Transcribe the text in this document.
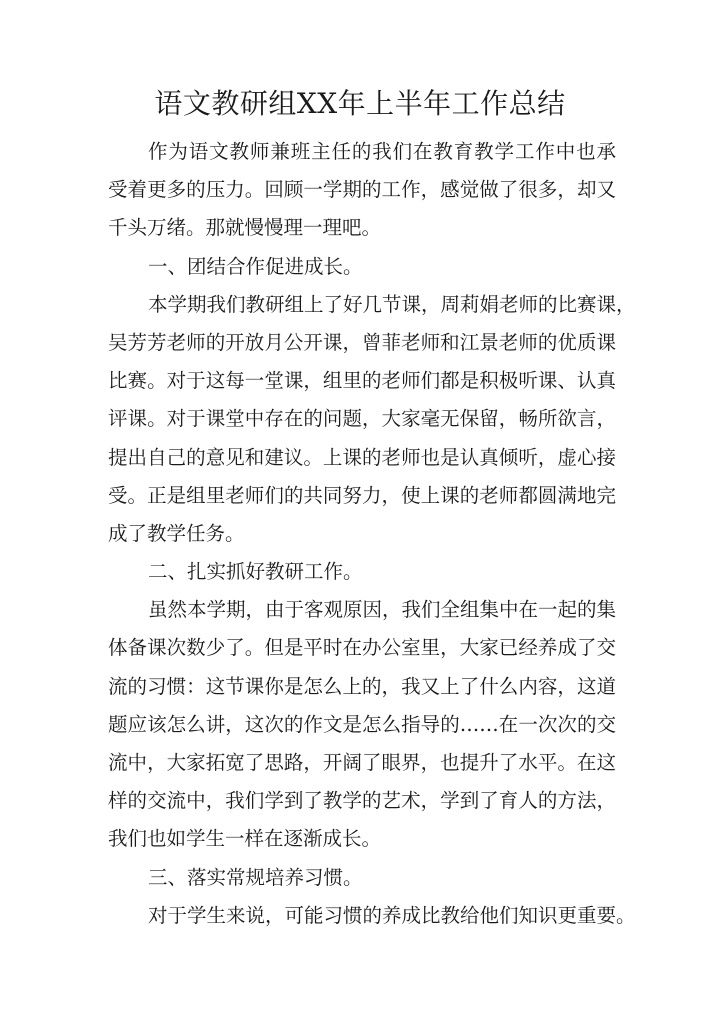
语文教研组XX年上半年工作总结
作为语文教师兼班主任的我们在教育教学工作中也承
受着更多的压力。回顾一学期的工作，感觉做了很多，却又
千头万绪。那就慢慢理一理吧。
一、团结合作促进成长。
本学期我们教研组上了好几节课，周莉娟老师的比赛课，
吴芳芳老师的开放月公开课，曾菲老师和江景老师的优质课
比赛。对于这每一堂课，组里的老师们都是积极听课、认真
评课。对于课堂中存在的问题，大家毫无保留，畅所欲言，
提出自己的意见和建议。上课的老师也是认真倾听，虚心接
受。正是组里老师们的共同努力，使上课的老师都圆满地完
成了教学任务。
二、扎实抓好教研工作。
虽然本学期，由于客观原因，我们全组集中在一起的集
体备课次数少了。但是平时在办公室里，大家已经养成了交
流的习惯：这节课你是怎么上的，我又上了什么内容，这道
题应该怎么讲，这次的作文是怎么指导的……在一次次的交
流中，大家拓宽了思路，开阔了眼界，也提升了水平。在这
样的交流中，我们学到了教学的艺术，学到了育人的方法，
我们也如学生一样在逐渐成长。
三、落实常规培养习惯。
对于学生来说，可能习惯的养成比教给他们知识更重要。
